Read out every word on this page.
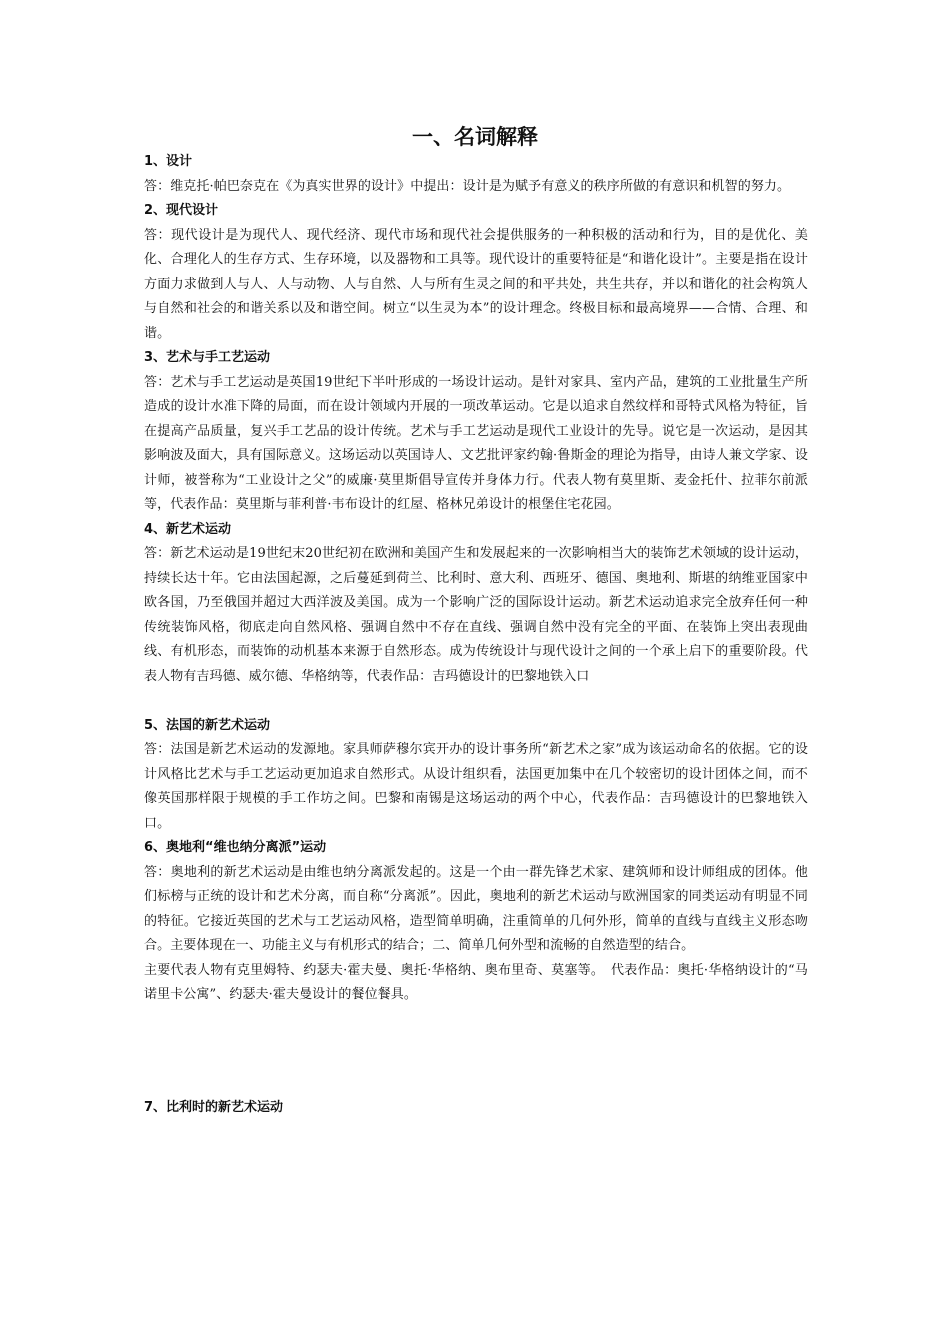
一、名词解释
1、设计

答：维克托·帕巴奈克在《为真实世界的设计》中提出：设计是为赋予有意义的秩序所做的有意识和机智的努力。

2、现代设计

答：现代设计是为现代人、现代经济、现代市场和现代社会提供服务的一种积极的活动和行为，目的是优化、美化、合理化人的生存方式、生存环境，以及器物和工具等。现代设计的重要特征是“和谐化设计”。主要是指在设计方面力求做到人与人、人与动物、人与自然、人与所有生灵之间的和平共处，共生共存，并以和谐化的社会构筑人与自然和社会的和谐关系以及和谐空间。树立“以生灵为本”的设计理念。终极目标和最高境界——合情、合理、和谐。

3、艺术与手工艺运动

答：艺术与手工艺运动是英国19世纪下半叶形成的一场设计运动。是针对家具、室内产品，建筑的工业批量生产所造成的设计水准下降的局面，而在设计领域内开展的一项改革运动。它是以追求自然纹样和哥特式风格为特征，旨在提高产品质量，复兴手工艺品的设计传统。艺术与手工艺运动是现代工业设计的先导。说它是一次运动，是因其影响波及面大，具有国际意义。这场运动以英国诗人、文艺批评家约翰·鲁斯金的理论为指导，由诗人兼文学家、设计师，被誉称为“工业设计之父”的威廉·莫里斯倡导宣传并身体力行。代表人物有莫里斯、麦金托什、拉菲尔前派等，代表作品：莫里斯与菲利普·韦布设计的红屋、格林兄弟设计的根堡住宅花园。

4、新艺术运动

答：新艺术运动是19世纪末20世纪初在欧洲和美国产生和发展起来的一次影响相当大的装饰艺术领域的设计运动，持续长达十年。它由法国起源，之后蔓延到荷兰、比利时、意大利、西班牙、德国、奥地利、斯堪的纳维亚国家中欧各国，乃至俄国并超过大西洋波及美国。成为一个影响广泛的国际设计运动。新艺术运动追求完全放弃任何一种传统装饰风格，彻底走向自然风格、强调自然中不存在直线、强调自然中没有完全的平面、在装饰上突出表现曲线、有机形态，而装饰的动机基本来源于自然形态。成为传统设计与现代设计之间的一个承上启下的重要阶段。代表人物有吉玛德、威尔德、华格纳等，代表作品：吉玛德设计的巴黎地铁入口

5、法国的新艺术运动

答：法国是新艺术运动的发源地。家具师萨穆尔宾开办的设计事务所“新艺术之家”成为该运动命名的依据。它的设计风格比艺术与手工艺运动更加追求自然形式。从设计组织看，法国更加集中在几个较密切的设计团体之间，而不像英国那样限于规模的手工作坊之间。巴黎和南锡是这场运动的两个中心，代表作品：吉玛德设计的巴黎地铁入口。

6、奥地利“维也纳分离派”运动

答：奥地利的新艺术运动是由维也纳分离派发起的。这是一个由一群先锋艺术家、建筑师和设计师组成的团体。他们标榜与正统的设计和艺术分离，而自称“分离派”。因此，奥地利的新艺术运动与欧洲国家的同类运动有明显不同的特征。它接近英国的艺术与工艺运动风格，造型简单明确，注重简单的几何外形，简单的直线与直线主义形态吻合。主要体现在一、功能主义与有机形式的结合；二、简单几何外型和流畅的自然造型的结合。

主要代表人物有克里姆特、约瑟夫·霍夫曼、奥托·华格纳、奥布里奇、莫塞等。　代表作品：奥托·华格纳设计的“马诺里卡公寓”、约瑟夫·霍夫曼设计的餐位餐具。

7、比利时的新艺术运动
